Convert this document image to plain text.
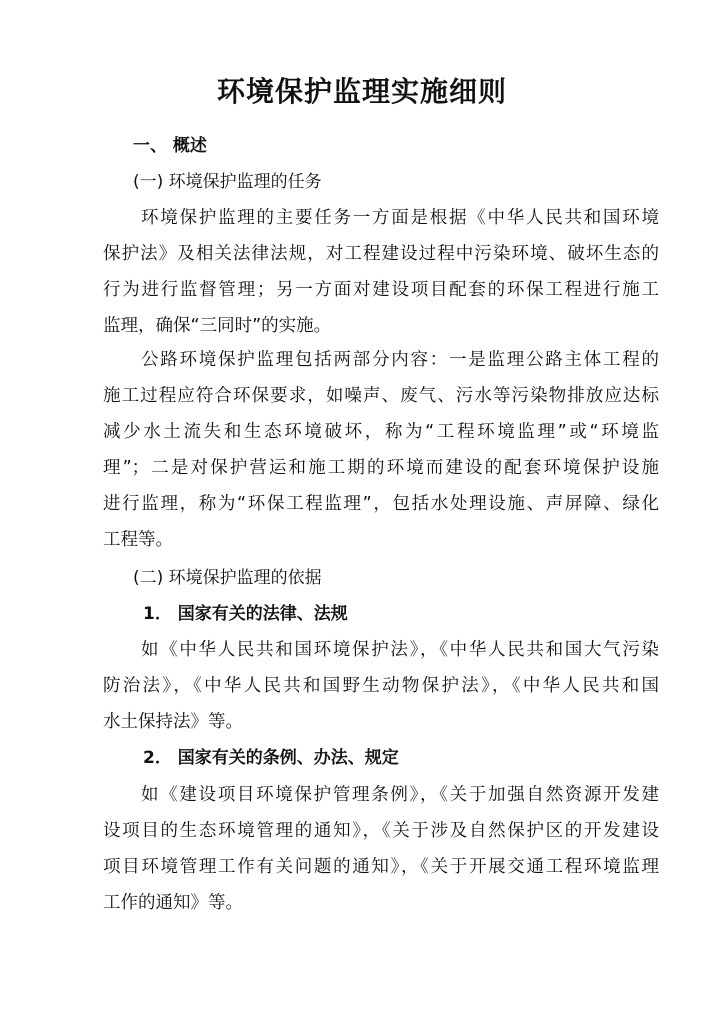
环境保护监理实施细则
一、 概述
(一) 环境保护监理的任务
环境保护监理的主要任务一方面是根据《中华人民共和国环境
保护法》及相关法律法规，对工程建设过程中污染环境、破坏生态的
行为进行监督管理；另一方面对建设项目配套的环保工程进行施工
监理，确保“三同时”的实施。
公路环境保护监理包括两部分内容：一是监理公路主体工程的
施工过程应符合环保要求，如噪声、废气、污水等污染物排放应达标
减少水土流失和生态环境破坏，称为“工程环境监理”或“环境监
理”；二是对保护营运和施工期的环境而建设的配套环境保护设施
进行监理，称为“环保工程监理”，包括水处理设施、声屏障、绿化
工程等。
(二) 环境保护监理的依据
1． 国家有关的法律、法规
如《中华人民共和国环境保护法》，《中华人民共和国大气污染
防治法》，《中华人民共和国野生动物保护法》，《中华人民共和国
水土保持法》等。
2． 国家有关的条例、办法、规定
如《建设项目环境保护管理条例》，《关于加强自然资源开发建
设项目的生态环境管理的通知》，《关于涉及自然保护区的开发建设
项目环境管理工作有关问题的通知》，《关于开展交通工程环境监理
工作的通知》等。
